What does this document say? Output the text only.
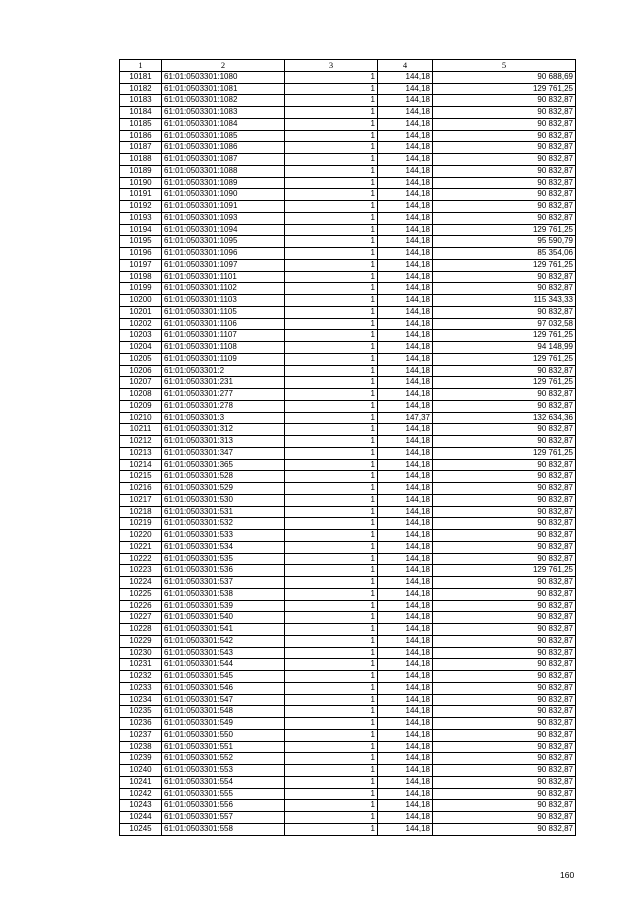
1	2	3	4	5
10181	61:01:0503301:1080	1	144,18	90 688,69
10182	61:01:0503301:1081	1	144,18	129 761,25
10183	61:01:0503301:1082	1	144,18	90 832,87
10184	61:01:0503301:1083	1	144,18	90 832,87
10185	61:01:0503301:1084	1	144,18	90 832,87
10186	61:01:0503301:1085	1	144,18	90 832,87
10187	61:01:0503301:1086	1	144,18	90 832,87
10188	61:01:0503301:1087	1	144,18	90 832,87
10189	61:01:0503301:1088	1	144,18	90 832,87
10190	61:01:0503301:1089	1	144,18	90 832,87
10191	61:01:0503301:1090	1	144,18	90 832,87
10192	61:01:0503301:1091	1	144,18	90 832,87
10193	61:01:0503301:1093	1	144,18	90 832,87
10194	61:01:0503301:1094	1	144,18	129 761,25
10195	61:01:0503301:1095	1	144,18	95 590,79
10196	61:01:0503301:1096	1	144,18	85 354,06
10197	61:01:0503301:1097	1	144,18	129 761,25
10198	61:01:0503301:1101	1	144,18	90 832,87
10199	61:01:0503301:1102	1	144,18	90 832,87
10200	61:01:0503301:1103	1	144,18	115 343,33
10201	61:01:0503301:1105	1	144,18	90 832,87
10202	61:01:0503301:1106	1	144,18	97 032,58
10203	61:01:0503301:1107	1	144,18	129 761,25
10204	61:01:0503301:1108	1	144,18	94 148,99
10205	61:01:0503301:1109	1	144,18	129 761,25
10206	61:01:0503301:2	1	144,18	90 832,87
10207	61:01:0503301:231	1	144,18	129 761,25
10208	61:01:0503301:277	1	144,18	90 832,87
10209	61:01:0503301:278	1	144,18	90 832,87
10210	61:01:0503301:3	1	147,37	132 634,36
10211	61:01:0503301:312	1	144,18	90 832,87
10212	61:01:0503301:313	1	144,18	90 832,87
10213	61:01:0503301:347	1	144,18	129 761,25
10214	61:01:0503301:365	1	144,18	90 832,87
10215	61:01:0503301:528	1	144,18	90 832,87
10216	61:01:0503301:529	1	144,18	90 832,87
10217	61:01:0503301:530	1	144,18	90 832,87
10218	61:01:0503301:531	1	144,18	90 832,87
10219	61:01:0503301:532	1	144,18	90 832,87
10220	61:01:0503301:533	1	144,18	90 832,87
10221	61:01:0503301:534	1	144,18	90 832,87
10222	61:01:0503301:535	1	144,18	90 832,87
10223	61:01:0503301:536	1	144,18	129 761,25
10224	61:01:0503301:537	1	144,18	90 832,87
10225	61:01:0503301:538	1	144,18	90 832,87
10226	61:01:0503301:539	1	144,18	90 832,87
10227	61:01:0503301:540	1	144,18	90 832,87
10228	61:01:0503301:541	1	144,18	90 832,87
10229	61:01:0503301:542	1	144,18	90 832,87
10230	61:01:0503301:543	1	144,18	90 832,87
10231	61:01:0503301:544	1	144,18	90 832,87
10232	61:01:0503301:545	1	144,18	90 832,87
10233	61:01:0503301:546	1	144,18	90 832,87
10234	61:01:0503301:547	1	144,18	90 832,87
10235	61:01:0503301:548	1	144,18	90 832,87
10236	61:01:0503301:549	1	144,18	90 832,87
10237	61:01:0503301:550	1	144,18	90 832,87
10238	61:01:0503301:551	1	144,18	90 832,87
10239	61:01:0503301:552	1	144,18	90 832,87
10240	61:01:0503301:553	1	144,18	90 832,87
10241	61:01:0503301:554	1	144,18	90 832,87
10242	61:01:0503301:555	1	144,18	90 832,87
10243	61:01:0503301:556	1	144,18	90 832,87
10244	61:01:0503301:557	1	144,18	90 832,87
10245	61:01:0503301:558	1	144,18	90 832,87
160
